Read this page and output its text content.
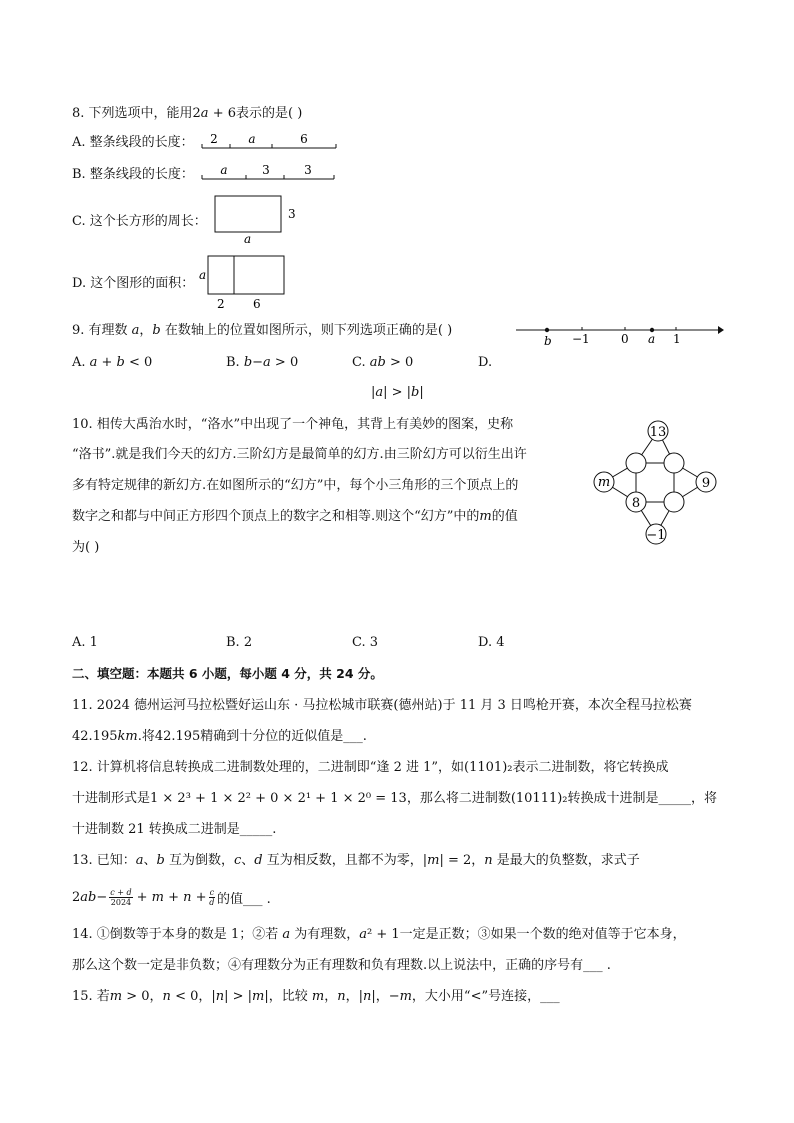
8. 下列选项中，能用2𝑎 + 6表示的是( )
A. 整条线段的长度： 2	𝑎	6
B. 整条线段的长度： 𝑎	3	3
C. 这个长方形的周长：	3
𝑎
D. 这个图形的面积：
𝑎
2 6
9. 有理数 𝑎，𝑏 在数轴上的位置如图所示，则下列选项正确的是( )
𝑏 −1	0 𝑎 1
A. 𝑎 + 𝑏 < 0	B. 𝑏−𝑎 > 0	C. 𝑎𝑏 > 0	D.
|𝑎| > |𝑏|
10. 相传大禹治水时，“洛水”中出现了一个神龟，其背上有美妙的图案，史称
“洛书”.就是我们今天的幻方.三阶幻方是最简单的幻方.由三阶幻方可以衍生出许
多有特定规律的新幻方.在如图所示的“幻方”中，每个小三角形的三个顶点上的
数字之和都与中间正方形四个顶点上的数字之和相等.则这个“幻方”中的𝑚的值
为( )
13
𝑚	9
8
−1
A. 1	B. 2	C. 3	D. 4
二、填空题：本题共 6 小题，每小题 4 分，共 24 分。
11. 2024 德州运河马拉松暨好运山东 · 马拉松城市联赛(德州站)于 11 月 3 日鸣枪开赛，本次全程马拉松赛
42.195𝑘𝑚.将42.195精确到十分位的近似值是___.
12. 计算机将信息转换成二进制数处理的，二进制即“逢 2 进 1”，如(1101)₂表示二进制数，将它转换成
十进制形式是1 × 2³ + 1 × 2² + 0 × 2¹ + 1 × 2⁰ = 13，那么将二进制数(10111)₂转换成十进制是_____，将
十进制数 21 转换成二进制是_____.
13. 已知：𝑎、𝑏 互为倒数，𝑐、𝑑 互为相反数，且都不为零，|𝑚| = 2，𝑛 是最大的负整数，求式子
2𝑎𝑏− 𝑐 + 𝑑
2024 + 𝑚 + 𝑛 + 𝑐
𝑑 的值___ .
14. ①倒数等于本身的数是 1；②若 𝑎 为有理数，𝑎² + 1一定是正数；③如果一个数的绝对值等于它本身，
那么这个数一定是非负数；④有理数分为正有理数和负有理数.以上说法中，正确的序号有___ .
15. 若𝑚 > 0，𝑛 < 0，|𝑛| > |𝑚|，比较 𝑚，𝑛，|𝑛|，−𝑚，大小用“<”号连接，___
